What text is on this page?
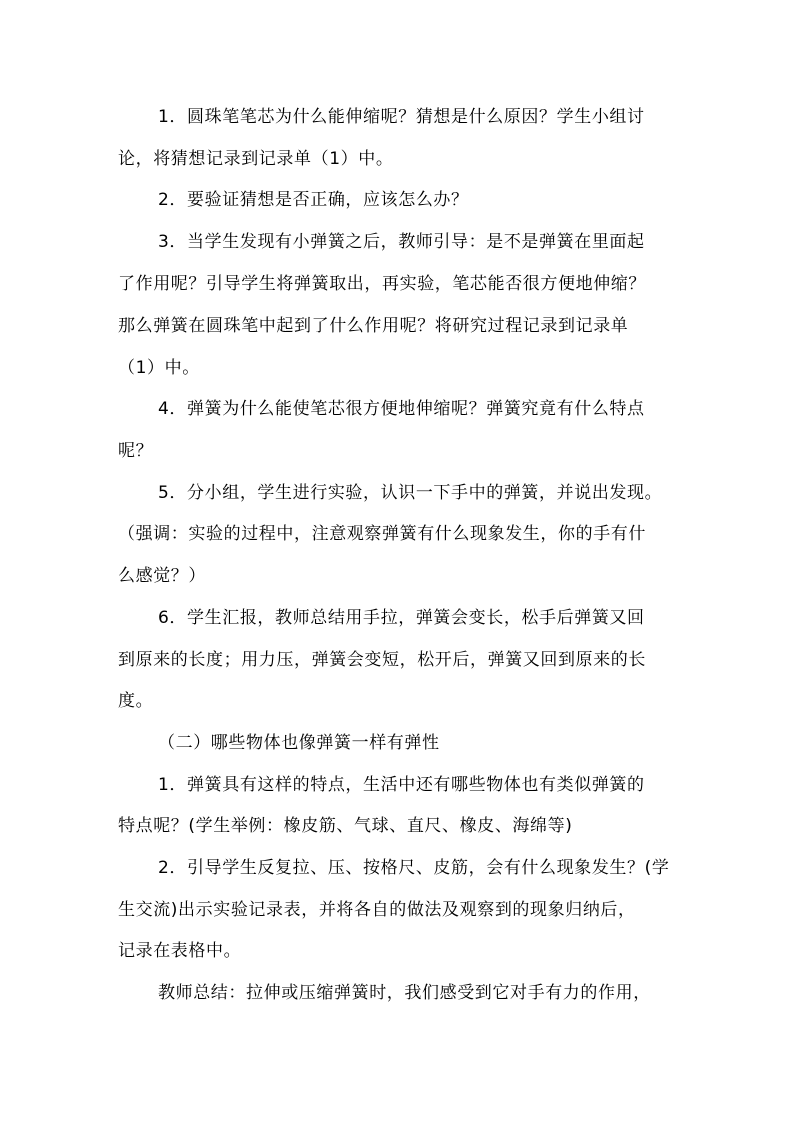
1．圆珠笔笔芯为什么能伸缩呢？猜想是什么原因？学生小组讨
论，将猜想记录到记录单（1）中。
2．要验证猜想是否正确，应该怎么办？
3．当学生发现有小弹簧之后，教师引导：是不是弹簧在里面起
了作用呢？引导学生将弹簧取出，再实验，笔芯能否很方便地伸缩？
那么弹簧在圆珠笔中起到了什么作用呢？将研究过程记录到记录单
（1）中。
4．弹簧为什么能使笔芯很方便地伸缩呢？弹簧究竟有什么特点
呢？
5．分小组，学生进行实验，认识一下手中的弹簧，并说出发现。
（强调：实验的过程中，注意观察弹簧有什么现象发生，你的手有什
么感觉？）
6．学生汇报，教师总结用手拉，弹簧会变长，松手后弹簧又回
到原来的长度；用力压，弹簧会变短，松开后，弹簧又回到原来的长
度。
（二）哪些物体也像弹簧一样有弹性
1．弹簧具有这样的特点，生活中还有哪些物体也有类似弹簧的
特点呢？(学生举例：橡皮筋、气球、直尺、橡皮、海绵等)
2．引导学生反复拉、压、按格尺、皮筋，会有什么现象发生？(学
生交流)出示实验记录表，并将各自的做法及观察到的现象归纳后，
记录在表格中。
教师总结：拉伸或压缩弹簧时，我们感受到它对手有力的作用，
